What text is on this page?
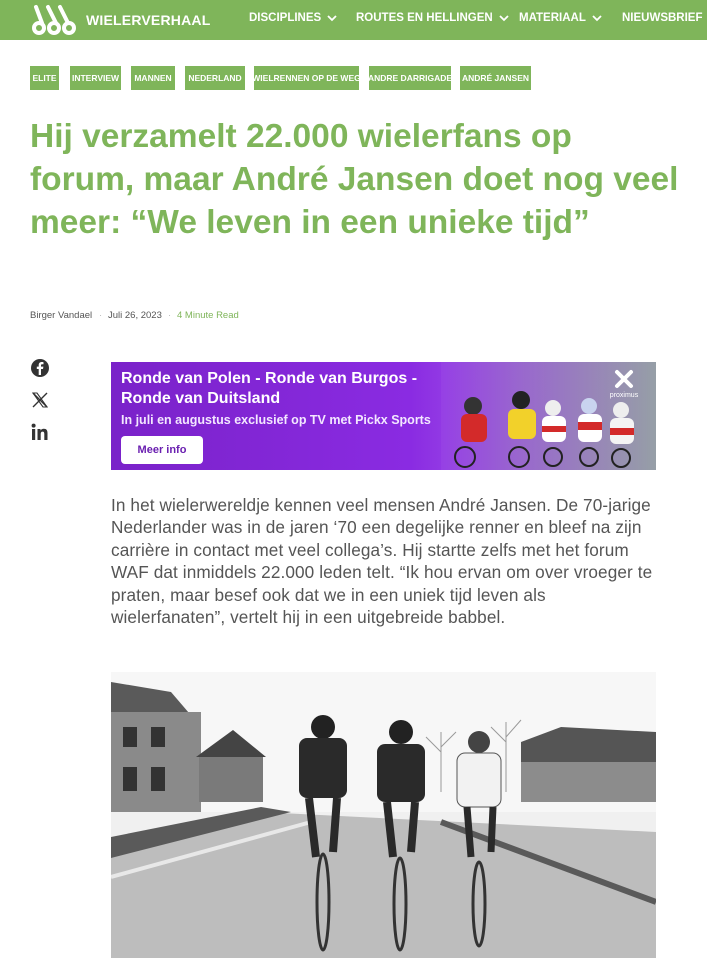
WIELERVERHAAL	DISCIPLINES	ROUTES EN HELLINGEN MATERIAAL	NIEUWSBRIEF
ELITE INTERVIEW	MANNEN	NEDERLAND	WIELRENNEN OP DE WEG ANDRE DARRIGADE ANDRÉ JANSEN
Hij verzamelt 22.000 wielerfans op forum, maar André Jansen doet nog veel meer: “We leven in een unieke tijd”
Birger Vandael · Juli 26, 2023 · 4 Minute Read
Ronde van Polen - Ronde van Burgos - Ronde van Duitsland
In juli en augustus exclusief op TV met Pickx Sports
Meer info
proximus

In het wielerwereldje kennen veel mensen André Jansen. De 70-jarige Nederlander was in de jaren ‘70 een degelijke renner en bleef na zijn carrière in contact met veel collega’s. Hij startte zelfs met het forum WAF dat inmiddels 22.000 leden telt. “Ik hou ervan om over vroeger te praten, maar besef ook dat we in een uniek tijd leven als wielerfanaten”, vertelt hij in een uitgebreide babbel.
